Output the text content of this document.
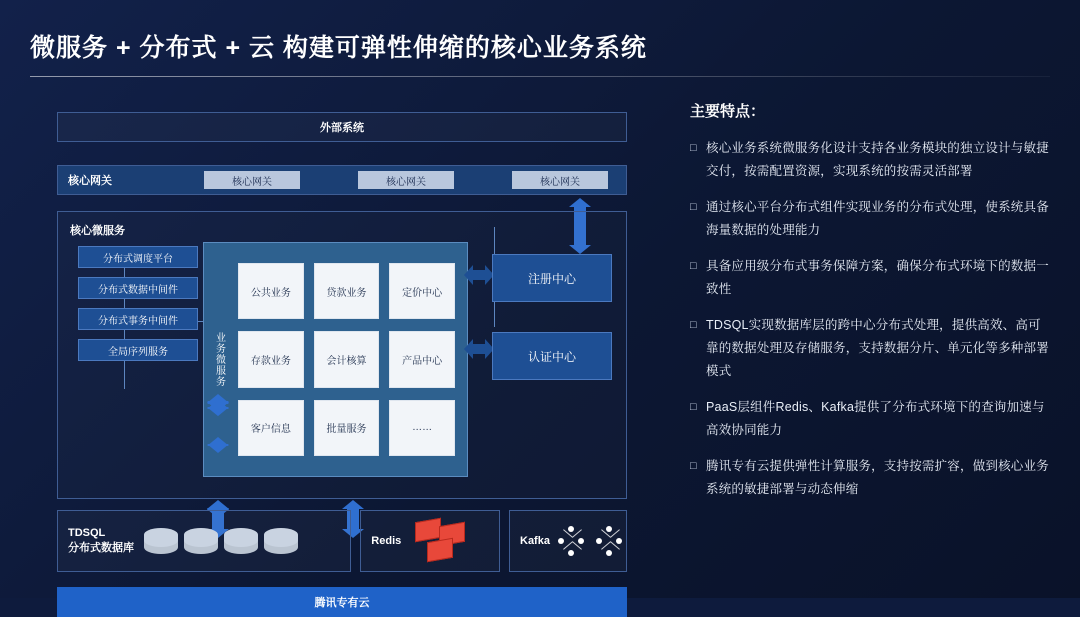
微服务 + 分布式 + 云 构建可弹性伸缩的核心业务系统
外部系统
核心网关	核心网关	核心网关	核心网关
核心微服务
分布式调度平台
分布式数据中间件
分布式事务中间件
全局序列服务	业务微服务
公共业务	贷款业务	定价中心
存款业务	会计核算	产品中心
客户信息	批量服务	……
注册中心
认证中心
TDSQL
分布式数据库
Redis	Kafka
腾讯专有云
主要特点：
□ 核心业务系统微服务化设计支持各业务模块的独立设计与敏捷交付，按需配置资源，实现系统的按需灵活部署
□ 通过核心平台分布式组件实现业务的分布式处理，使系统具备海量数据的处理能力
□ 具备应用级分布式事务保障方案，确保分布式环境下的数据一致性
□ TDSQL实现数据库层的跨中心分布式处理，提供高效、高可靠的数据处理及存储服务，支持数据分片、单元化等多种部署模式
□ PaaS层组件Redis、Kafka提供了分布式环境下的查询加速与高效协同能力
□ 腾讯专有云提供弹性计算服务，支持按需扩容，做到核心业务系统的敏捷部署与动态伸缩
